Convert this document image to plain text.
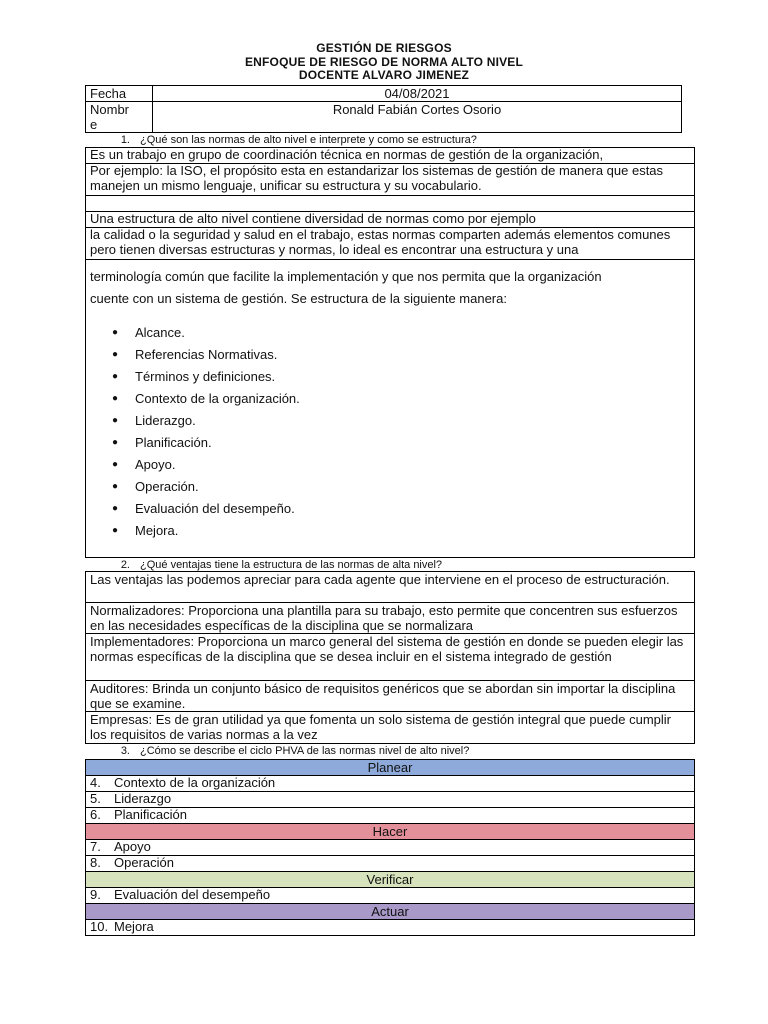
GESTIÓN DE RIESGOS
ENFOQUE DE RIESGO DE NORMA ALTO NIVEL
DOCENTE ALVARO JIMENEZ
Fecha	04/08/2021
Nombr
e	Ronald Fabián Cortes Osorio
1. ¿Qué son las normas de alto nivel e interprete y como se estructura?
Es un trabajo en grupo de coordinación técnica en normas de gestión de la organización,
Por ejemplo: la ISO, el propósito esta en estandarizar los sistemas de gestión de manera que estas manejen un mismo lenguaje, unificar su estructura y su vocabulario.
Una estructura de alto nivel contiene diversidad de normas como por ejemplo
la calidad o la seguridad y salud en el trabajo, estas normas comparten además elementos comunes pero tienen diversas estructuras y normas, lo ideal es encontrar una estructura y una
terminología común que facilite la implementación y que nos permita que la organización
cuente con un sistema de gestión. Se estructura de la siguiente manera:
● Alcance.
● Referencias Normativas.
● Términos y definiciones.
● Contexto de la organización.
● Liderazgo.
● Planificación.
● Apoyo.
● Operación.
● Evaluación del desempeño.
● Mejora.
2. ¿Qué ventajas tiene la estructura de las normas de alta nivel?
Las ventajas las podemos apreciar para cada agente que interviene en el proceso de estructuración.
Normalizadores: Proporciona una plantilla para su trabajo, esto permite que concentren sus esfuerzos en las necesidades específicas de la disciplina que se normalizara
Implementadores: Proporciona un marco general del sistema de gestión en donde se pueden elegir las normas específicas de la disciplina que se desea incluir en el sistema integrado de gestión
Auditores: Brinda un conjunto básico de requisitos genéricos que se abordan sin importar la disciplina que se examine.
Empresas: Es de gran utilidad ya que fomenta un solo sistema de gestión integral que puede cumplir los requisitos de varias normas a la vez
3. ¿Cómo se describe el ciclo PHVA de las normas nivel de alto nivel?
Planear
4. Contexto de la organización
5. Liderazgo
6. Planificación
Hacer
7. Apoyo
8. Operación
Verificar
9. Evaluación del desempeño
Actuar
10. Mejora
